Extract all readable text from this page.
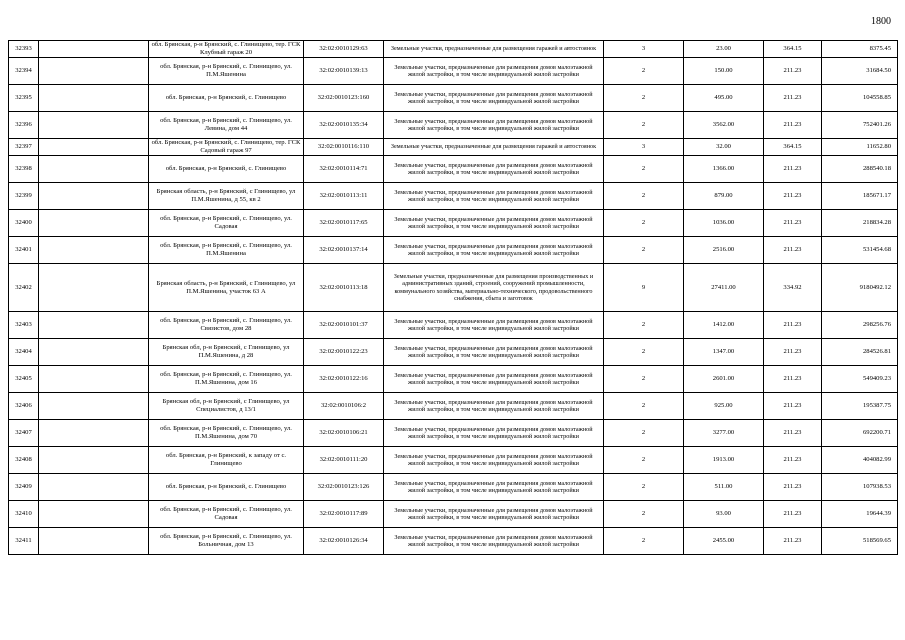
1800
32393		обл. Брянская, р-н Брянский, с. Глинищево, тер. ГСК Клубный гараж 20	32:02:0010129:63	Земельные участки, предназначенные для размещения гаражей и автостоянок	3	23.00	364.15	8375.45
32394		обл. Брянская, р-н Брянский, с. Глинищево, ул. П.М.Яшенина	32:02:0010139:13	Земельные участки, предназначенные для размещения домов малоэтажной жилой застройки, в том числе индивидуальной жилой застройки	2	150.00	211.23	31684.50
32395		обл. Брянская, р-н Брянский, с. Глинищево	32:02:0010123:160	Земельные участки, предназначенные для размещения домов малоэтажной жилой застройки, в том числе индивидуальной жилой застройки	2	495.00	211.23	104558.85
32396		обл. Брянская, р-н Брянский, с. Глинищево, ул. Левина, дом 44	32:02:0010135:34	Земельные участки, предназначенные для размещения домов малоэтажной жилой застройки, в том числе индивидуальной жилой застройки	2	3562.00	211.23	752401.26
32397		обл. Брянская, р-н Брянский, с. Глинищево, тер. ГСК Садовый гараж 97	32:02:0010116:110	Земельные участки, предназначенные для размещения гаражей и автостоянок	3	32.00	364.15	11652.80
32398		обл. Брянская, р-н Брянский, с. Глинищево	32:02:0010114:71	Земельные участки, предназначенные для размещения домов малоэтажной жилой застройки, в том числе индивидуальной жилой застройки	2	1366.00	211.23	288540.18
32399		Брянская область, р-н Брянский, с Глинищево, ул П.М.Яшенина, д 55, кв 2	32:02:0010113:11	Земельные участки, предназначенные для размещения домов малоэтажной жилой застройки, в том числе индивидуальной жилой застройки	2	879.00	211.23	185671.17
32400		обл. Брянская, р-н Брянский, с. Глинищево, ул. Садовая	32:02:0010117:65	Земельные участки, предназначенные для размещения домов малоэтажной жилой застройки, в том числе индивидуальной жилой застройки	2	1036.00	211.23	218834.28
32401		обл. Брянская, р-н Брянский, с. Глинищево, ул. П.М.Яшенина	32:02:0010137:14	Земельные участки, предназначенные для размещения домов малоэтажной жилой застройки, в том числе индивидуальной жилой застройки	2	2516.00	211.23	531454.68
32402		Брянская область, р-н Брянский, с Глинищево, ул П.М.Яшенина, участок 63 А	32:02:0010113:18	Земельные участки, предназначенные для размещения производственных и административных зданий, строений, сооружений промышленности, коммунального хозяйства, материально-технического, продовольственного снабжения, сбыта и заготовок	9	27411.00	334.92	9180492.12
32403		обл. Брянская, р-н Брянский, с. Глинищево, ул. Связистов, дом 28	32:02:0010101:37	Земельные участки, предназначенные для размещения домов малоэтажной жилой застройки, в том числе индивидуальной жилой застройки	2	1412.00	211.23	298256.76
32404		Брянская обл, р-н Брянский, с Глинищево, ул П.М.Яшенина, д 28	32:02:0010122:23	Земельные участки, предназначенные для размещения домов малоэтажной жилой застройки, в том числе индивидуальной жилой застройки	2	1347.00	211.23	284526.81
32405		обл. Брянская, р-н Брянский, с. Глинищево, ул. П.М.Яшенина, дом 16	32:02:0010122:16	Земельные участки, предназначенные для размещения домов малоэтажной жилой застройки, в том числе индивидуальной жилой застройки	2	2601.00	211.23	549409.23
32406		Брянская обл, р-н Брянский, с Глинищево, ул Специалистов, д 13/1	32:02:0010106:2	Земельные участки, предназначенные для размещения домов малоэтажной жилой застройки, в том числе индивидуальной жилой застройки	2	925.00	211.23	195387.75
32407		обл. Брянская, р-н Брянский, с. Глинищево, ул. П.М.Яшенина, дом 70	32:02:0010106:21	Земельные участки, предназначенные для размещения домов малоэтажной жилой застройки, в том числе индивидуальной жилой застройки	2	3277.00	211.23	692200.71
32408		обл. Брянская, р-н Брянский, к западу от с. Глинищево	32:02:0010111:20	Земельные участки, предназначенные для размещения домов малоэтажной жилой застройки, в том числе индивидуальной жилой застройки	2	1913.00	211.23	404082.99
32409		обл. Брянская, р-н Брянский, с. Глинищево	32:02:0010123:126	Земельные участки, предназначенные для размещения домов малоэтажной жилой застройки, в том числе индивидуальной жилой застройки	2	511.00	211.23	107938.53
32410		обл. Брянская, р-н Брянский, с. Глинищево, ул. Садовая	32:02:0010117:89	Земельные участки, предназначенные для размещения домов малоэтажной жилой застройки, в том числе индивидуальной жилой застройки	2	93.00	211.23	19644.39
32411		обл. Брянская, р-н Брянский, с. Глинищево, ул. Больничная, дом 13	32:02:0010126:34	Земельные участки, предназначенные для размещения домов малоэтажной жилой застройки, в том числе индивидуальной жилой застройки	2	2455.00	211.23	518569.65
